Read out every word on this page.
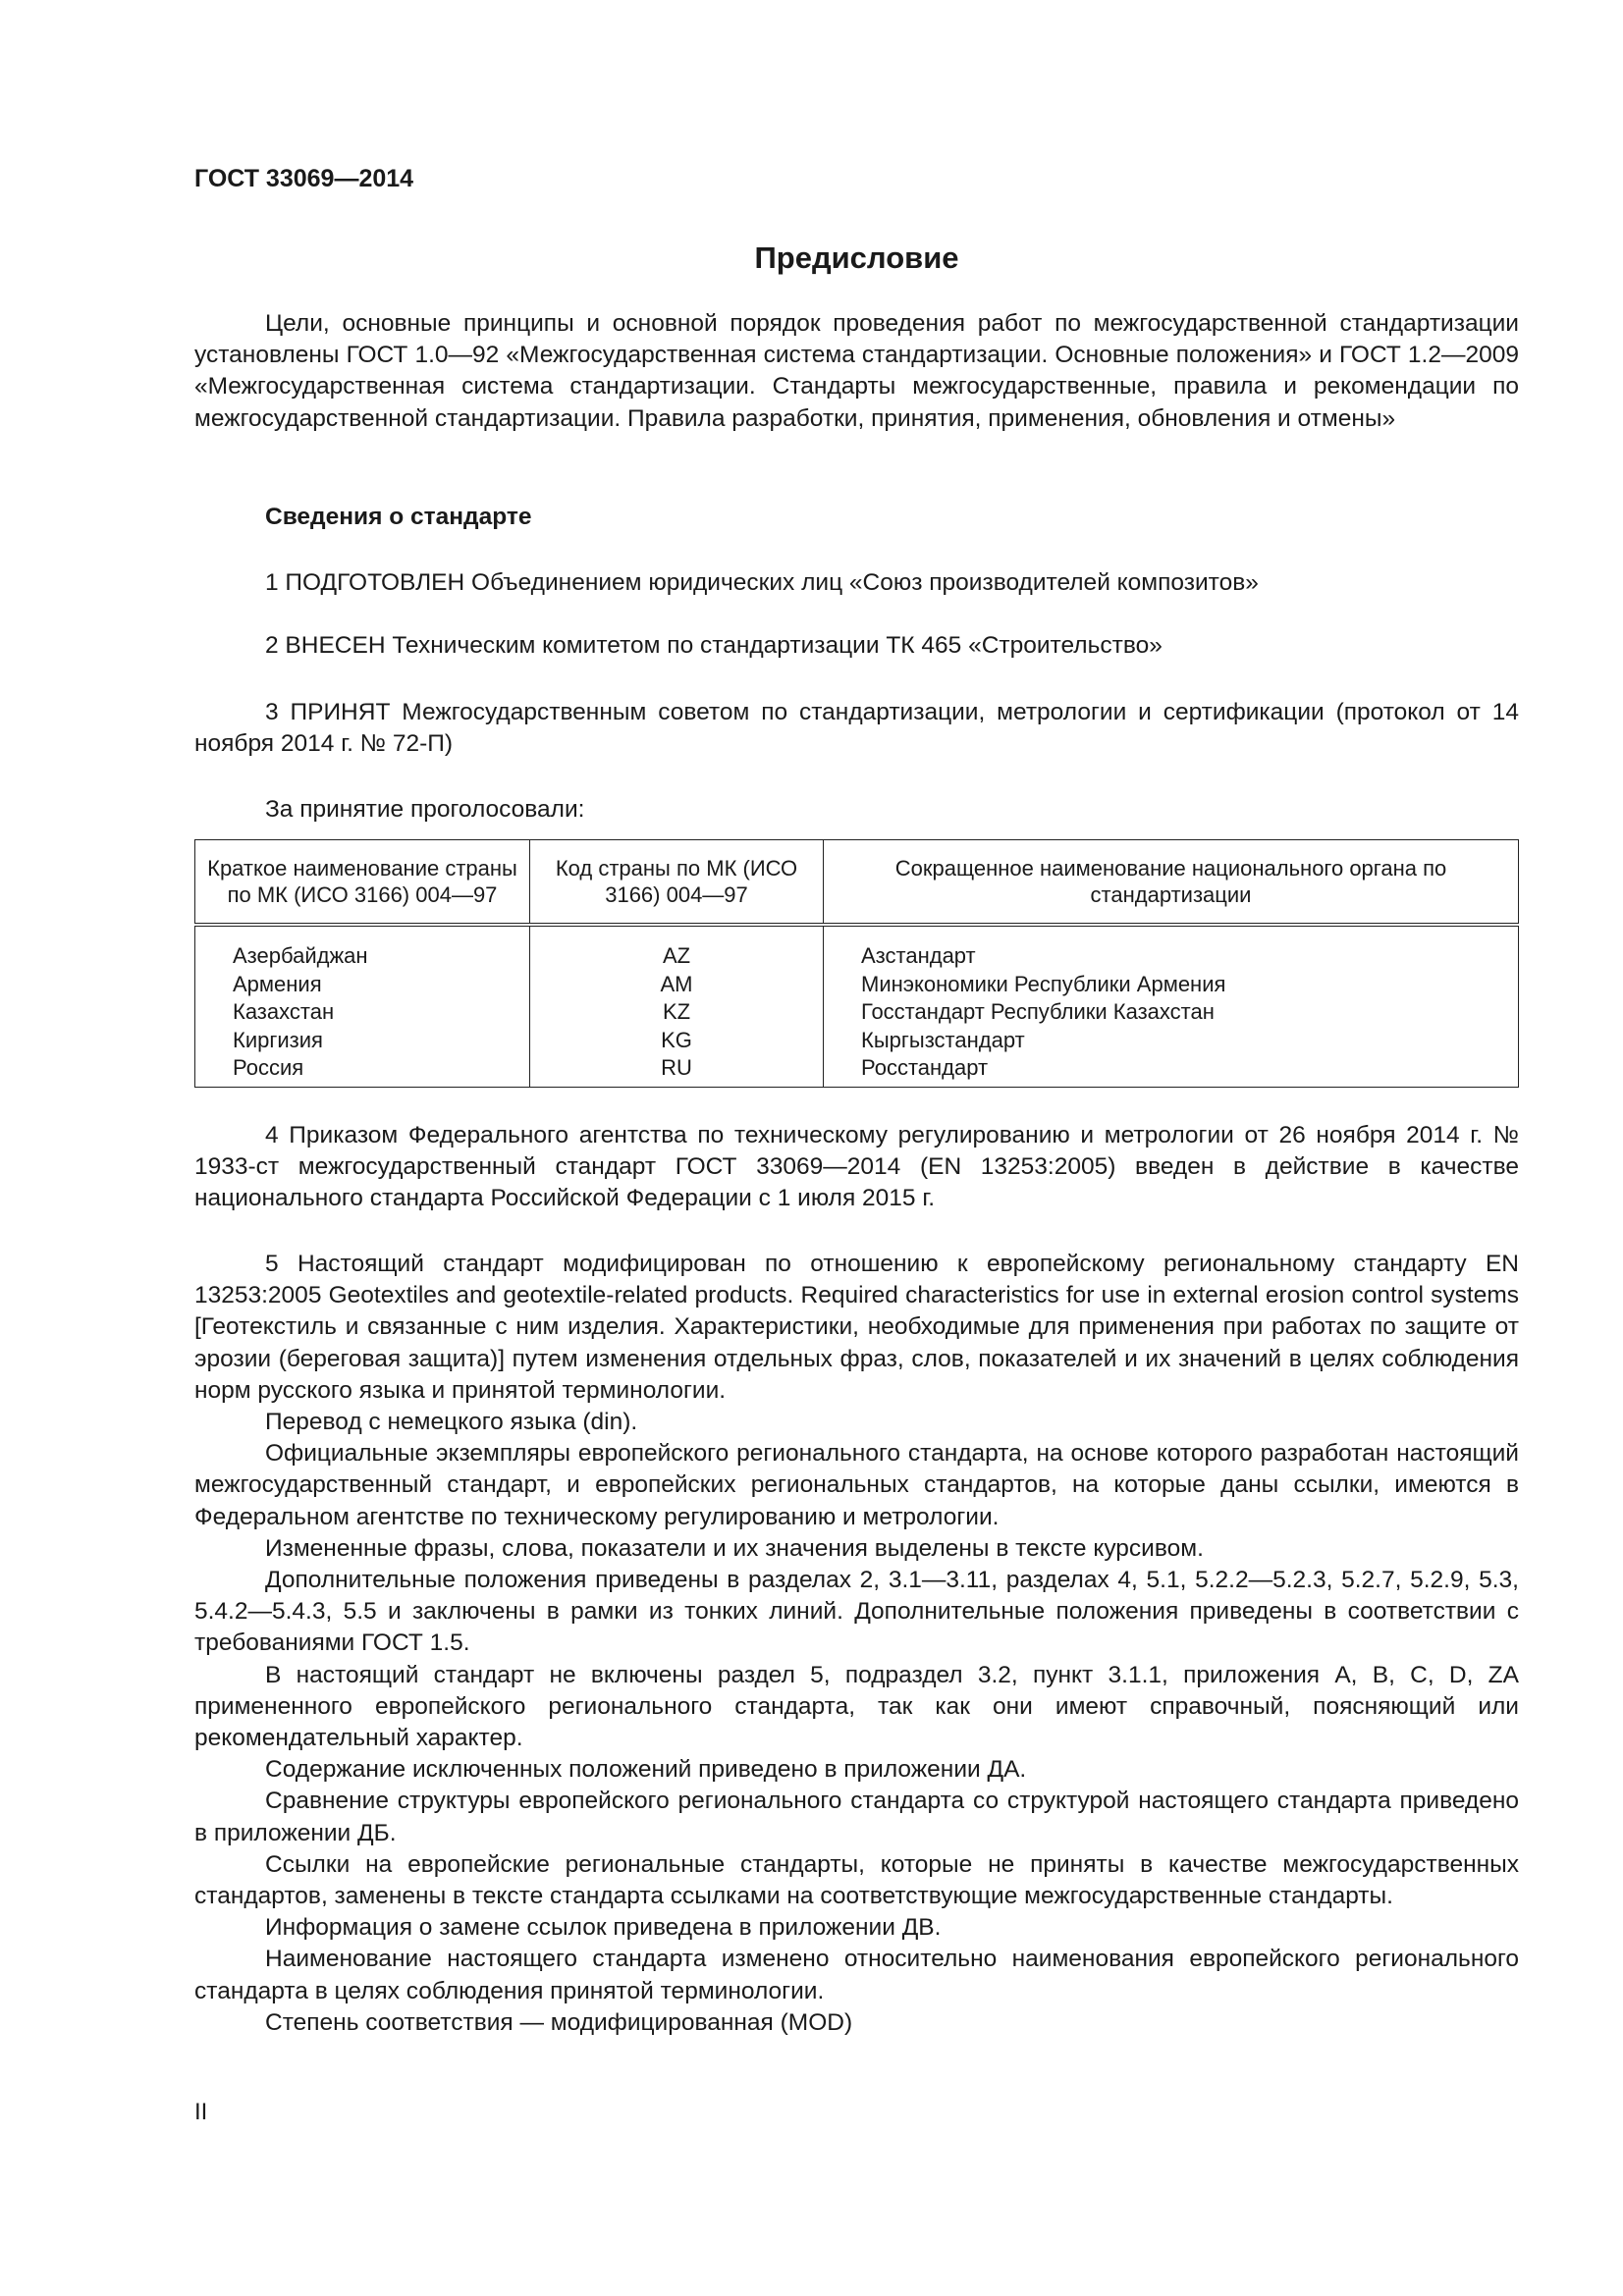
ГОСТ 33069—2014
Предисловие

Цели, основные принципы и основной порядок проведения работ по межгосударственной стандартизации установлены ГОСТ 1.0—92 «Межгосударственная система стандартизации. Основные положения» и ГОСТ 1.2—2009 «Межгосударственная система стандартизации. Стандарты межгосударственные, правила и рекомендации по межгосударственной стандартизации. Правила разработки, принятия, применения, обновления и отмены»

Сведения о стандарте

1 ПОДГОТОВЛЕН Объединением юридических лиц «Союз производителей композитов»

2 ВНЕСЕН Техническим комитетом по стандартизации ТК 465 «Строительство»

3 ПРИНЯТ Межгосударственным советом по стандартизации, метрологии и сертификации (протокол от 14 ноября 2014 г. № 72-П)

За принятие проголосовали:

Краткое наименование страны по МК (ИСО 3166) 004—97	Код страны по МК (ИСО 3166) 004—97	Сокращенное наименование национального органа по стандартизации
Азербайджан	AZ	Азстандарт
Армения	AM	Минэкономики Республики Армения
Казахстан	KZ	Госстандарт Республики Казахстан
Киргизия	KG	Кыргызстандарт
Россия	RU	Росстандарт

4 Приказом Федерального агентства по техническому регулированию и метрологии от 26 ноября 2014 г. № 1933-ст межгосударственный стандарт ГОСТ 33069—2014 (EN 13253:2005) введен в действие в качестве национального стандарта Российской Федерации с 1 июля 2015 г.

5 Настоящий стандарт модифицирован по отношению к европейскому региональному стандарту EN 13253:2005 Geotextiles and geotextile-related products. Required characteristics for use in external erosion control systems [Геотекстиль и связанные с ним изделия. Характеристики, необходимые для применения при работах по защите от эрозии (береговая защита)] путем изменения отдельных фраз, слов, показателей и их значений в целях соблюдения норм русского языка и принятой терминологии.

Перевод с немецкого языка (din).

Официальные экземпляры европейского регионального стандарта, на основе которого разработан настоящий межгосударственный стандарт, и европейских региональных стандартов, на которые даны ссылки, имеются в Федеральном агентстве по техническому регулированию и метрологии.

Измененные фразы, слова, показатели и их значения выделены в тексте курсивом.

Дополнительные положения приведены в разделах 2, 3.1—3.11, разделах 4, 5.1, 5.2.2—5.2.3, 5.2.7, 5.2.9, 5.3, 5.4.2—5.4.3, 5.5 и заключены в рамки из тонких линий. Дополнительные положения приведены в соответствии с требованиями ГОСТ 1.5.

В настоящий стандарт не включены раздел 5, подраздел 3.2, пункт 3.1.1, приложения A, B, C, D, ZA примененного европейского регионального стандарта, так как они имеют справочный, поясняющий или рекомендательный характер.

Содержание исключенных положений приведено в приложении ДА.

Сравнение структуры европейского регионального стандарта со структурой настоящего стандарта приведено в приложении ДБ.

Ссылки на европейские региональные стандарты, которые не приняты в качестве межгосударственных стандартов, заменены в тексте стандарта ссылками на соответствующие межгосударственные стандарты.

Информация о замене ссылок приведена в приложении ДВ.

Наименование настоящего стандарта изменено относительно наименования европейского регионального стандарта в целях соблюдения принятой терминологии.

Степень соответствия — модифицированная (MOD)

II
